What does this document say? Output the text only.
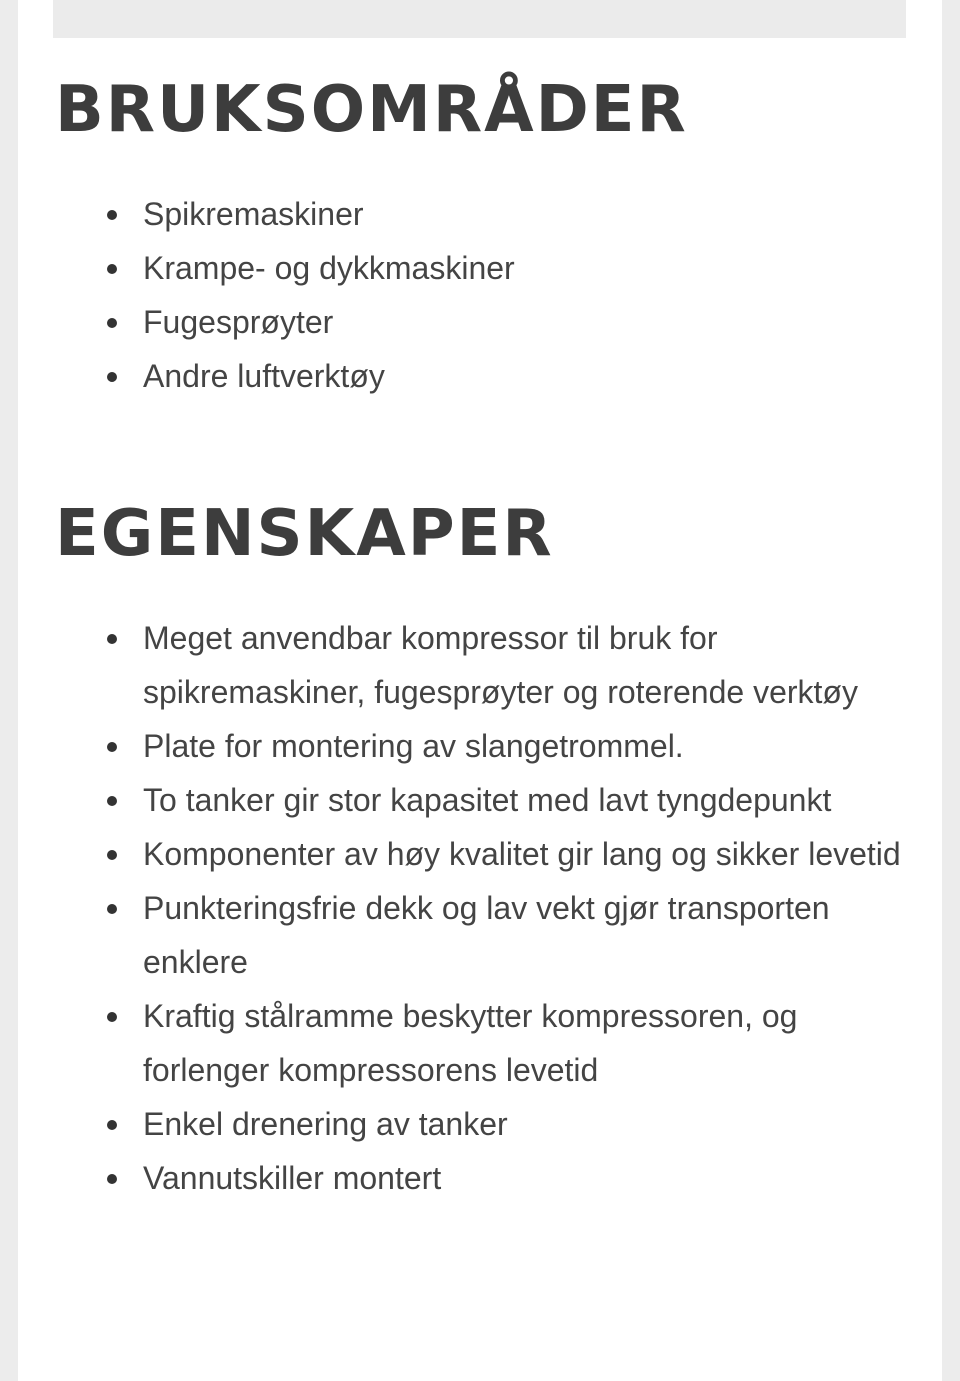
BRUKSOMRÅDER
Spikremaskiner
Krampe- og dykkmaskiner
Fugesprøyter
Andre luftverktøy
EGENSKAPER
Meget anvendbar kompressor til bruk for spikremaskiner, fugesprøyter og roterende verktøy
Plate for montering av slangetrommel.
To tanker gir stor kapasitet med lavt tyngdepunkt
Komponenter av høy kvalitet gir lang og sikker levetid
Punkteringsfrie dekk og lav vekt gjør transporten enklere
Kraftig stålramme beskytter kompressoren, og forlenger kompressorens levetid
Enkel drenering av tanker
Vannutskiller montert
